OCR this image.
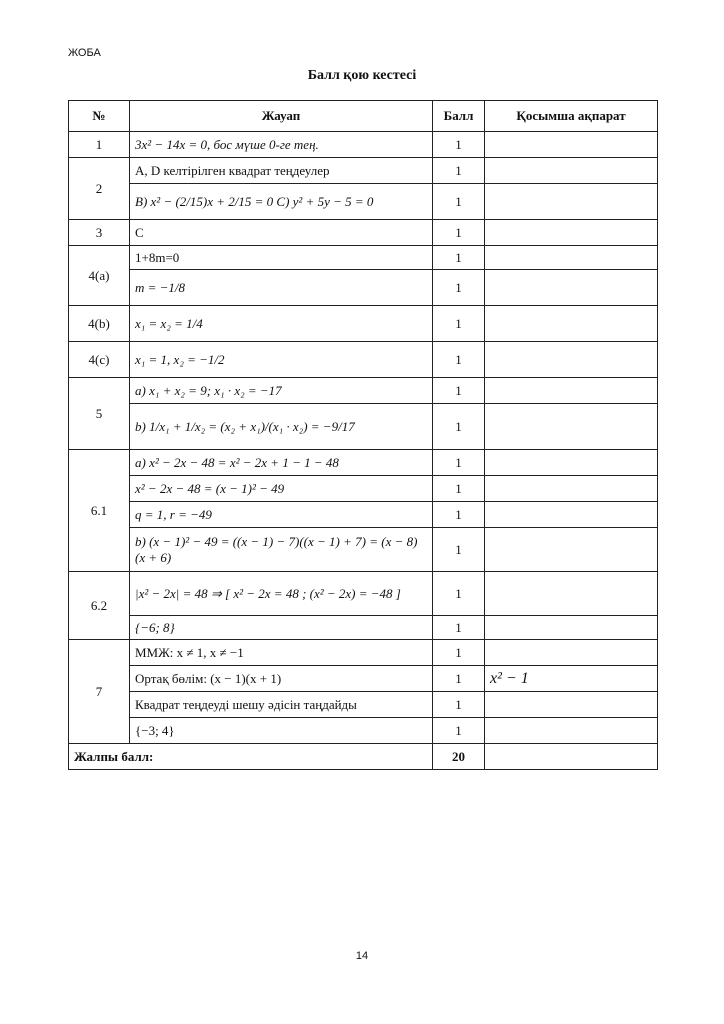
ЖОБА
Балл қою кестесі
№	Жауап	Балл	Қосымша ақпарат
1	3x² − 14x = 0, бос мүше 0-ге тең.	1	
2	А, D келтірілген квадрат теңдеулер	1	
	В) x² − (2/15)x + 2/15 = 0 C) y² + 5y − 5 = 0	1	
3	С	1	
4(a)	1+8m=0	1	
	m = −1/8	1	
4(b)	x₁ = x₂ = 1/4	1	
4(c)	x₁ = 1, x₂ = −1/2	1	
5	a) x₁ + x₂ = 9; x₁ · x₂ = −17	1	
	b) 1/x₁ + 1/x₂ = (x₂ + x₁)/(x₁ · x₂) = −9/17	1	
6.1	a) x² − 2x − 48 = x² − 2x + 1 − 1 − 48	1	
	x² − 2x − 48 = (x − 1)² − 49	1	
	q = 1, r = −49	1	
	b) (x − 1)² − 49 = ((x − 1) − 7)((x − 1) + 7) = (x − 8)(x + 6)	1	
6.2	|x² − 2x| = 48 ⇒ [ x² − 2x = 48 ; (x² − 2x) = −48 ]	1	
	{−6; 8}	1	
7	ММЖ: x ≠ 1, x ≠ −1	1	
	Ортақ бөлім: (x − 1)(x + 1)	1	x² − 1
	Квадрат теңдеуді шешу әдісін таңдайды	1	
	{−3; 4}	1	
Жалпы балл:		20	
14
